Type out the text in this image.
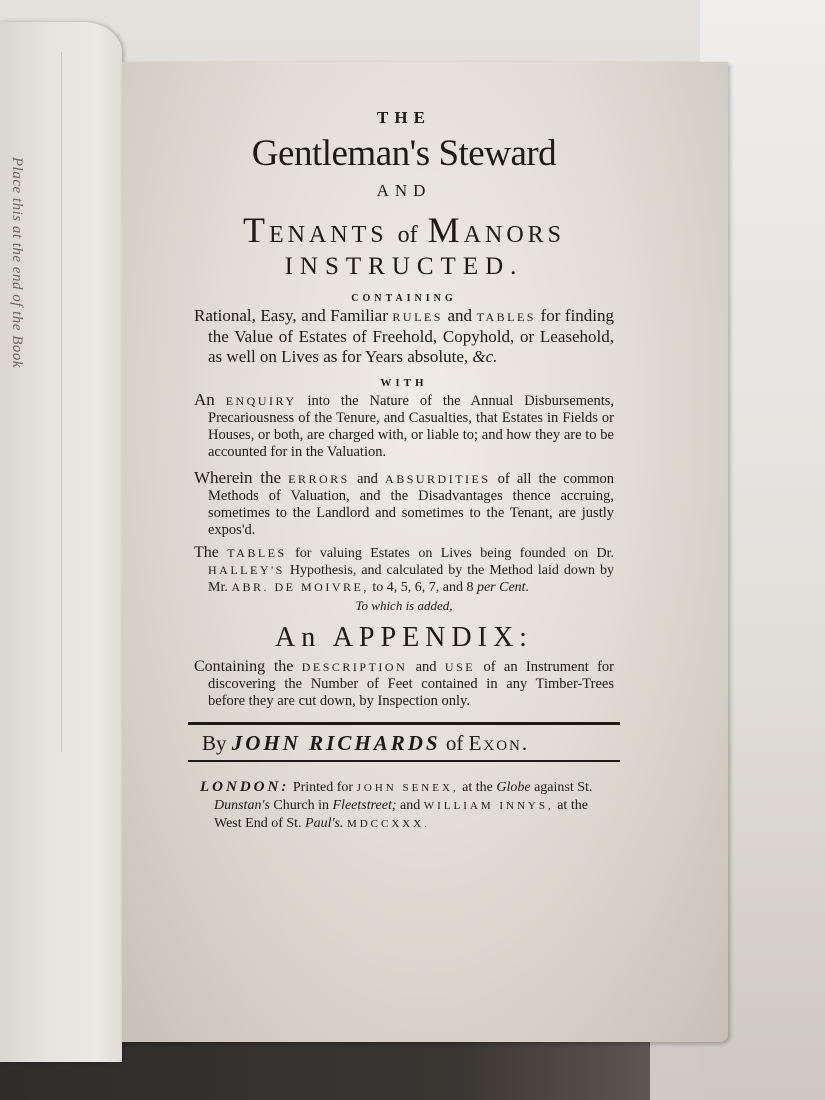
Place this at the end of the Book
THE
Gentleman's Steward
AND
TENANTS of MANORS
INSTRUCTED.
CONTAINING
Rational, Easy, and Familiar RULES and TABLES for finding the Value of Estates of Freehold, Copyhold, or Leasehold, as well on Lives as for Years absolute, &c.
WITH
An ENQUIRY into the Nature of the Annual Disbursements, Precariousness of the Tenure, and Casualties, that Estates in Fields or Houses, or both, are charged with, or liable to; and how they are to be accounted for in the Valuation.
Wherein the ERRORS and ABSURDITIES of all the common Methods of Valuation, and the Disadvantages thence accruing, sometimes to the Landlord and sometimes to the Tenant, are justly expos'd.
The TABLES for valuing Estates on Lives being founded on Dr. HALLEY'S Hypothesis, and calculated by the Method laid down by Mr. ABR. DE MOIVRE, to 4, 5, 6, 7, and 8 per Cent.
To which is added,
An APPENDIX:
Containing the DESCRIPTION and USE of an Instrument for discovering the Number of Feet contained in any Timber-Trees before they are cut down, by Inspection only.
By JOHN RICHARDS of Exon.
LONDON: Printed for JOHN SENEX, at the Globe against St. Dunstan's Church in Fleetstreet; and WILLIAM INNYS, at the West End of St. Paul's. MDCCXXX.
